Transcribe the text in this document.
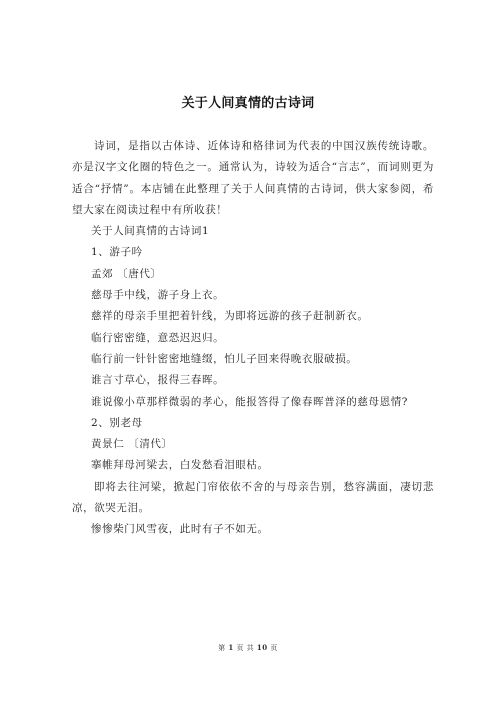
关于人间真情的古诗词

诗词，是指以古体诗、近体诗和格律词为代表的中国汉族传统诗歌。亦是汉字文化圈的特色之一。通常认为，诗较为适合“言志”，而词则更为适合“抒情”。本店铺在此整理了关于人间真情的古诗词，供大家参阅，希望大家在阅读过程中有所收获！

关于人间真情的古诗词1

1、游子吟

孟郊 〔唐代〕

慈母手中线，游子身上衣。

慈祥的母亲手里把着针线，为即将远游的孩子赶制新衣。

临行密密缝，意恐迟迟归。

临行前一针针密密地缝缀，怕儿子回来得晚衣服破损。

谁言寸草心，报得三春晖。

谁说像小草那样微弱的孝心，能报答得了像春晖普泽的慈母恩情?

2、别老母

黄景仁 〔清代〕

搴帷拜母河梁去，白发愁看泪眼枯。

即将去往河梁，掀起门帘依依不舍的与母亲告别，愁容满面，凄切悲凉，欲哭无泪。

惨惨柴门风雪夜，此时有子不如无。

第 1 页 共 10 页
